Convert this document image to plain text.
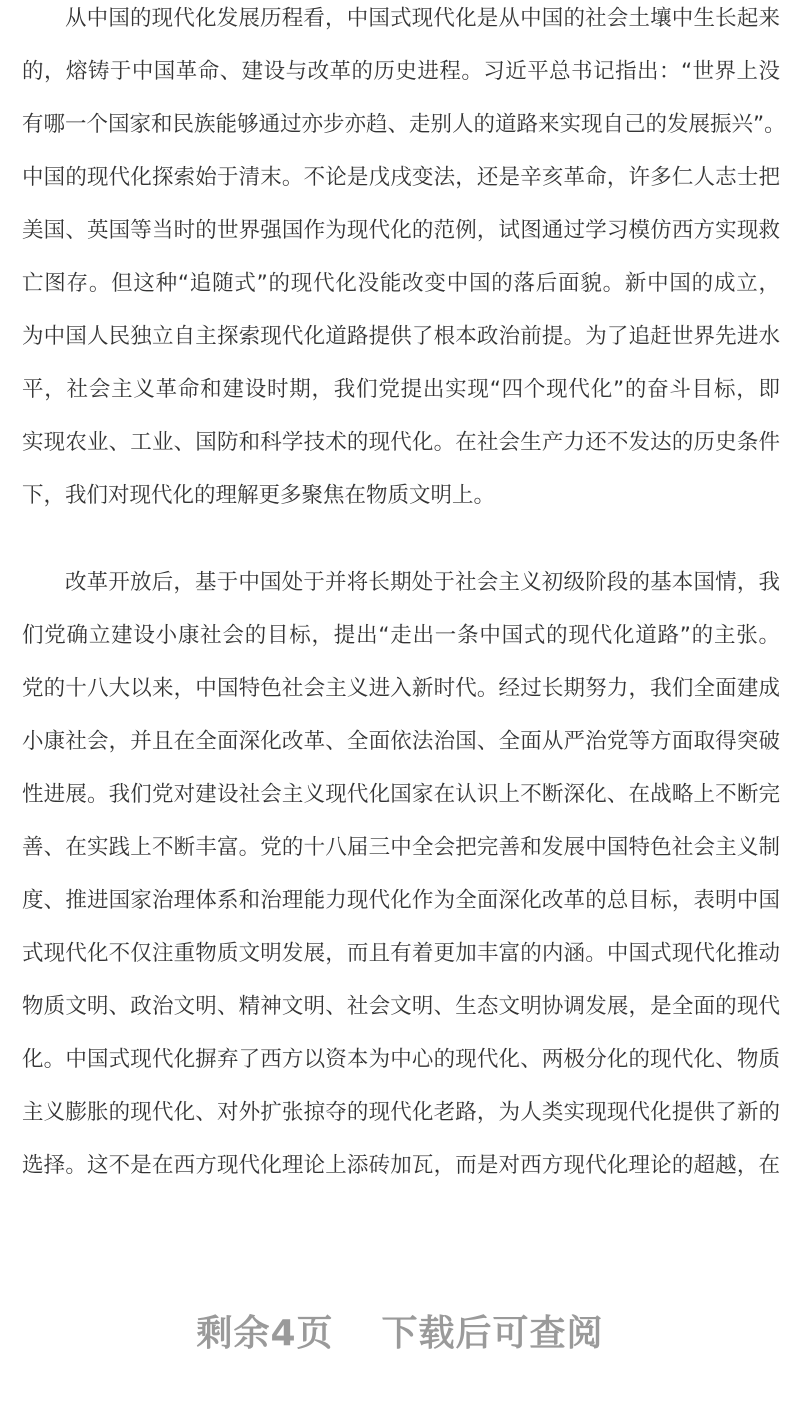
从中国的现代化发展历程看，中国式现代化是从中国的社会土壤中生长起来
的，熔铸于中国革命、建设与改革的历史进程。习近平总书记指出：“世界上没
有哪一个国家和民族能够通过亦步亦趋、走别人的道路来实现自己的发展振兴”。
中国的现代化探索始于清末。不论是戊戌变法，还是辛亥革命，许多仁人志士把
美国、英国等当时的世界强国作为现代化的范例，试图通过学习模仿西方实现救
亡图存。但这种“追随式”的现代化没能改变中国的落后面貌。新中国的成立，
为中国人民独立自主探索现代化道路提供了根本政治前提。为了追赶世界先进水
平，社会主义革命和建设时期，我们党提出实现“四个现代化”的奋斗目标，即
实现农业、工业、国防和科学技术的现代化。在社会生产力还不发达的历史条件
下，我们对现代化的理解更多聚焦在物质文明上。
改革开放后，基于中国处于并将长期处于社会主义初级阶段的基本国情，我
们党确立建设小康社会的目标，提出“走出一条中国式的现代化道路”的主张。
党的十八大以来，中国特色社会主义进入新时代。经过长期努力，我们全面建成
小康社会，并且在全面深化改革、全面依法治国、全面从严治党等方面取得突破
性进展。我们党对建设社会主义现代化国家在认识上不断深化、在战略上不断完
善、在实践上不断丰富。党的十八届三中全会把完善和发展中国特色社会主义制
度、推进国家治理体系和治理能力现代化作为全面深化改革的总目标，表明中国
式现代化不仅注重物质文明发展，而且有着更加丰富的内涵。中国式现代化推动
物质文明、政治文明、精神文明、社会文明、生态文明协调发展，是全面的现代
化。中国式现代化摒弃了西方以资本为中心的现代化、两极分化的现代化、物质
主义膨胀的现代化、对外扩张掠夺的现代化老路，为人类实现现代化提供了新的
选择。这不是在西方现代化理论上添砖加瓦，而是对西方现代化理论的超越，在
剩余4页 下载后可查阅
